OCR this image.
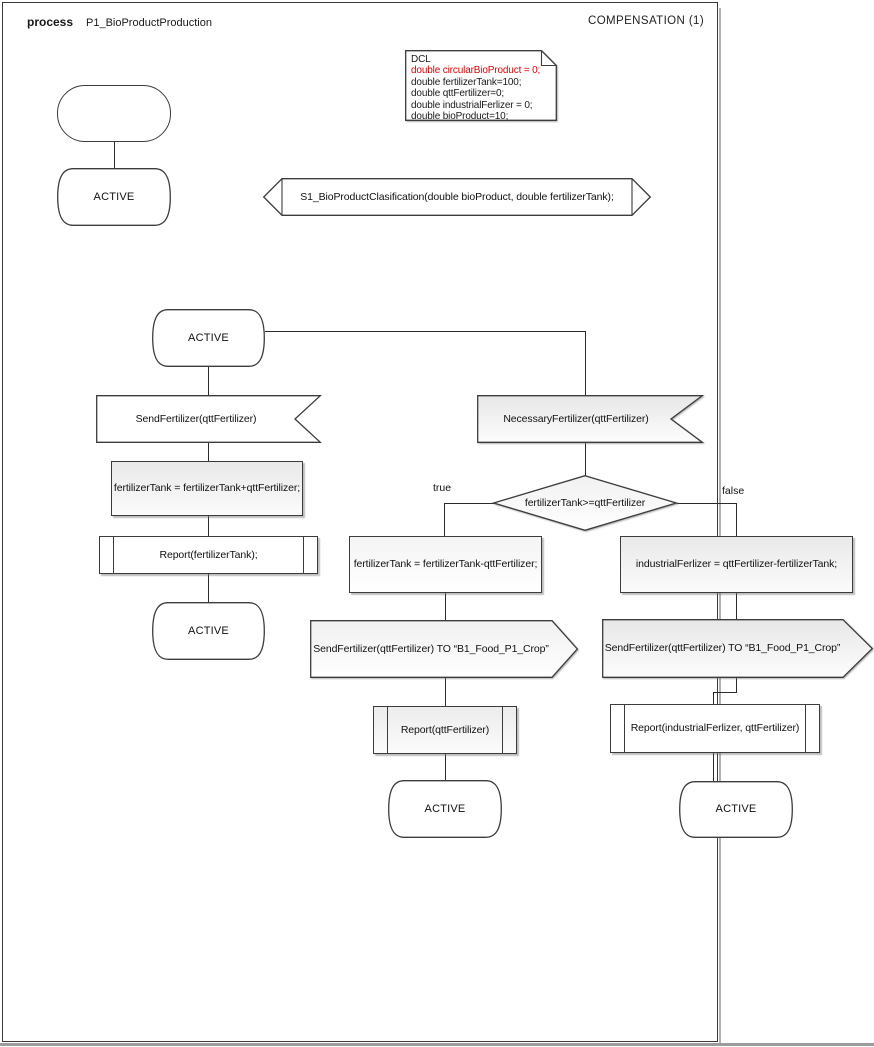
process P1_BioProductProduction	COMPENSATION (1)
DCL
double circularBioProduct = 0;
double fertilizerTank=100;
double qttFertilizer=0;
double industrialFerlizer = 0;
double bioProduct=10;
ACTIVE	S1_BioProductClasification(double bioProduct, double fertilizerTank);
ACTIVE
SendFertilizer(qttFertilizer)
fertilizerTank = fertilizerTank+qttFertilizer;
Report(fertilizerTank);
ACTIVE
NecessaryFertilizer(qttFertilizer)
fertilizerTank>=qttFertilizer
true	false
fertilizerTank = fertilizerTank-qttFertilizer;
SendFertilizer(qttFertilizer) TO “B1_Food_P1_Crop”
Report(qttFertilizer)
ACTIVE
industrialFerlizer = qttFertilizer-fertilizerTank;
SendFertilizer(qttFertilizer) TO “B1_Food_P1_Crop”
Report(industrialFerlizer, qttFertilizer)
ACTIVE
